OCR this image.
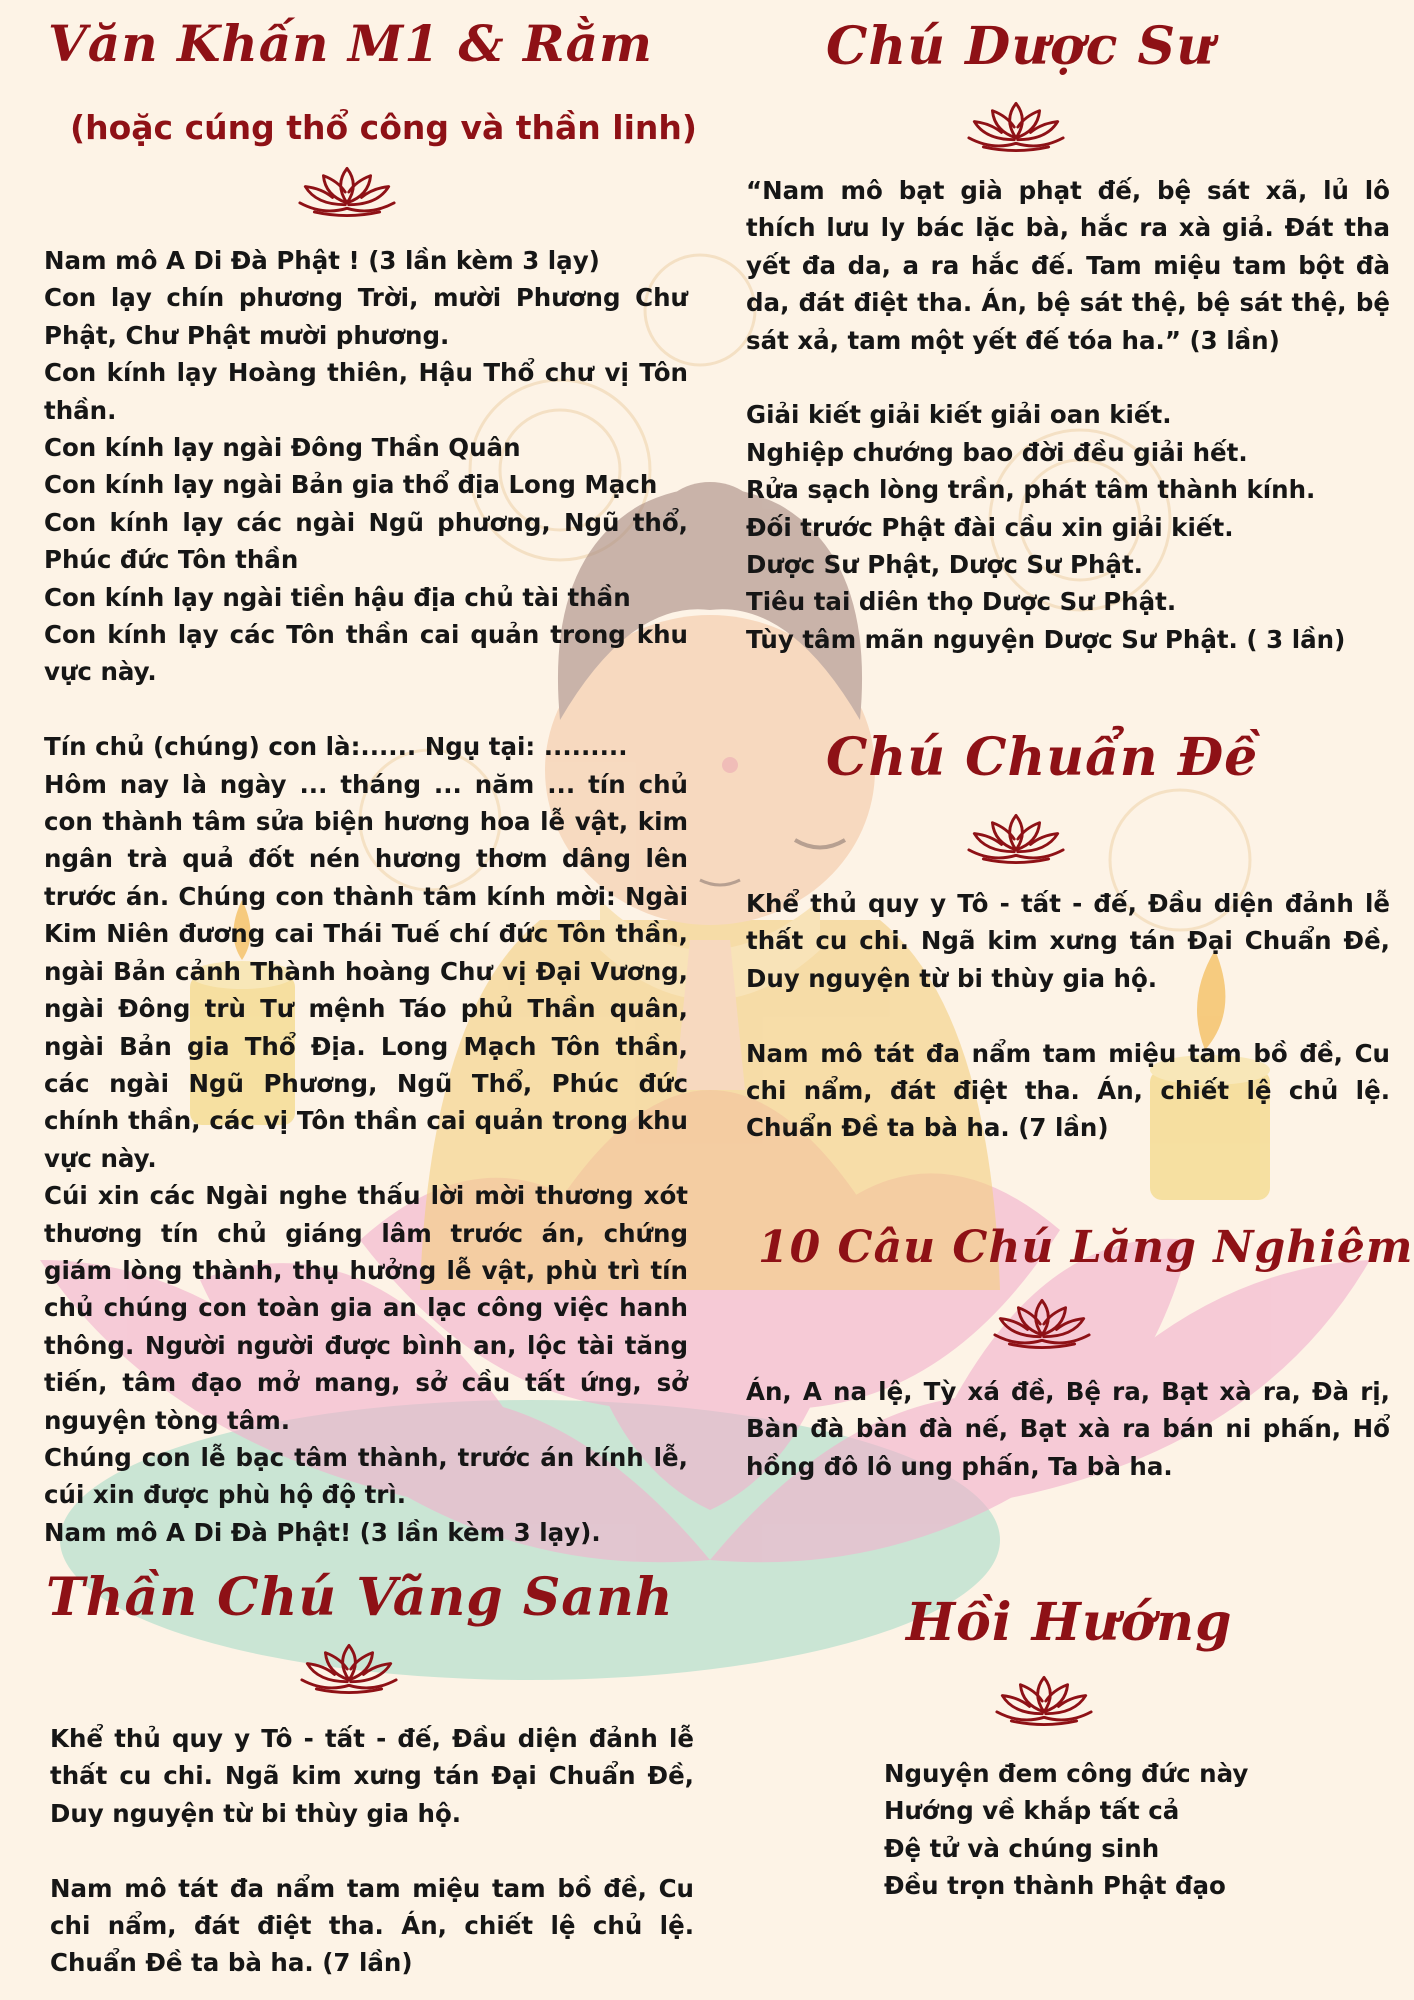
Văn Khấn M1 & Rằm
(hoặc cúng thổ công và thần linh)

Nam mô A Di Đà Phật ! (3 lần kèm 3 lạy)

Con lạy chín phương Trời, mười Phương Chư Phật, Chư Phật mười phương.

Con kính lạy Hoàng thiên, Hậu Thổ chư vị Tôn thần.

Con kính lạy ngài Đông Thần Quân

Con kính lạy ngài Bản gia thổ địa Long Mạch

Con kính lạy các ngài Ngũ phương, Ngũ thổ, Phúc đức Tôn thần

Con kính lạy ngài tiền hậu địa chủ tài thần

Con kính lạy các Tôn thần cai quản trong khu vực này.

Tín chủ (chúng) con là:...... Ngụ tại: .........

Hôm nay là ngày ... tháng ... năm ... tín chủ con thành tâm sửa biện hương hoa lễ vật, kim ngân trà quả đốt nén hương thơm dâng lên trước án. Chúng con thành tâm kính mời: Ngài Kim Niên đương cai Thái Tuế chí đức Tôn thần, ngài Bản cảnh Thành hoàng Chư vị Đại Vương, ngài Đông trù Tư mệnh Táo phủ Thần quân, ngài Bản gia Thổ Địa. Long Mạch Tôn thần, các ngài Ngũ Phương, Ngũ Thổ, Phúc đức chính thần, các vị Tôn thần cai quản trong khu vực này.

Cúi xin các Ngài nghe thấu lời mời thương xót thương tín chủ giáng lâm trước án, chứng giám lòng thành, thụ hưởng lễ vật, phù trì tín chủ chúng con toàn gia an lạc công việc hanh thông. Người người được bình an, lộc tài tăng tiến, tâm đạo mở mang, sở cầu tất ứng, sở nguyện tòng tâm.

Chúng con lễ bạc tâm thành, trước án kính lễ, cúi xin được phù hộ độ trì.

Nam mô A Di Đà Phật! (3 lần kèm 3 lạy).

Thần Chú Vãng Sanh

Khể thủ quy y Tô - tất - đế, Đầu diện đảnh lễ thất cu chi. Ngã kim xưng tán Đại Chuẩn Đề, Duy nguyện từ bi thùy gia hộ.

Nam mô tát đa nẩm tam miệu tam bồ đề, Cu chi nẩm, đát điệt tha. Án, chiết lệ chủ lệ. Chuẩn Đề ta bà ha. (7 lần)

Chú Dược Sư

“Nam mô bạt già phạt đế, bệ sát xã, lủ lô thích lưu ly bác lặc bà, hắc ra xà giả. Đát tha yết đa da, a ra hắc đế. Tam miệu tam bột đà da, đát điệt tha. Án, bệ sát thệ, bệ sát thệ, bệ sát xả, tam một yết đế tóa ha.” (3 lần)

Giải kiết giải kiết giải oan kiết.

Nghiệp chướng bao đời đều giải hết.

Rửa sạch lòng trần, phát tâm thành kính.

Đối trước Phật đài cầu xin giải kiết.

Dược Sư Phật, Dược Sư Phật.

Tiêu tai diên thọ Dược Sư Phật.

Tùy tâm mãn nguyện Dược Sư Phật. ( 3 lần)

Chú Chuẩn Đề

Khể thủ quy y Tô - tất - đế, Đầu diện đảnh lễ thất cu chi. Ngã kim xưng tán Đại Chuẩn Đề, Duy nguyện từ bi thùy gia hộ.

Nam mô tát đa nẩm tam miệu tam bồ đề, Cu chi nẩm, đát điệt tha. Án, chiết lệ chủ lệ. Chuẩn Đề ta bà ha. (7 lần)

10 Câu Chú Lăng Nghiêm

Án, A na lệ, Tỳ xá đề, Bệ ra, Bạt xà ra, Đà rị, Bàn đà bàn đà nế, Bạt xà ra bán ni phấn, Hổ hồng đô lô ung phấn, Ta bà ha.

Hồi Hướng

Nguyện đem công đức này

Hướng về khắp tất cả

Đệ tử và chúng sinh

Đều trọn thành Phật đạo
